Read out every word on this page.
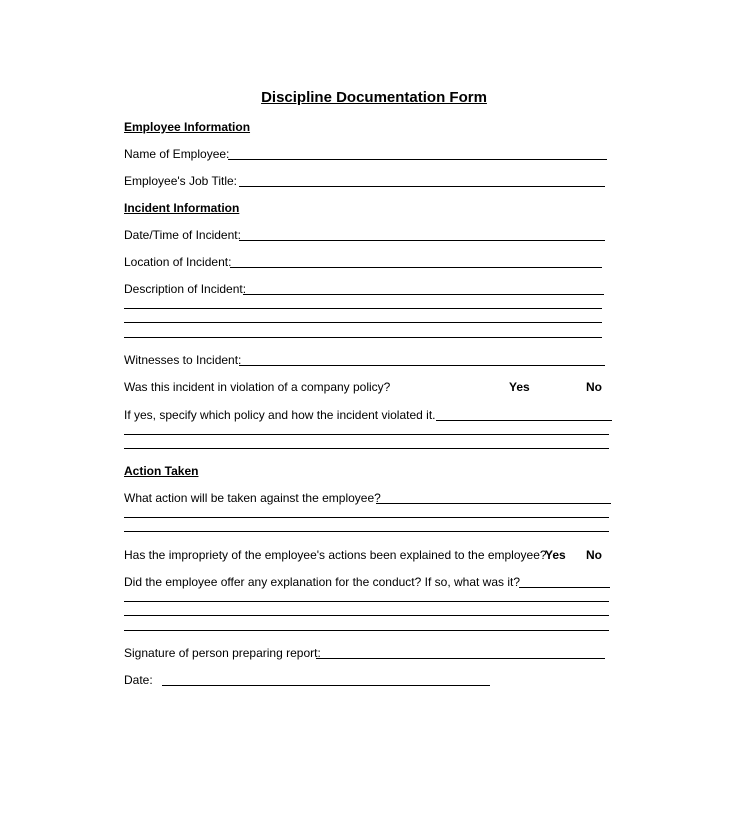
Discipline Documentation Form
Employee Information
Name of Employee:
Employee's Job Title:
Incident Information
Date/Time of Incident:
Location of Incident:
Description of Incident:
Witnesses to Incident:
Was this incident in violation of a company policy?	Yes	No
If yes, specify which policy and how the incident violated it.
Action Taken
What action will be taken against the employee?
Has the impropriety of the employee's actions been explained to the employee?
Yes No
Did the employee offer any explanation for the conduct? If so, what was it?
Signature of person preparing report:
Date:
